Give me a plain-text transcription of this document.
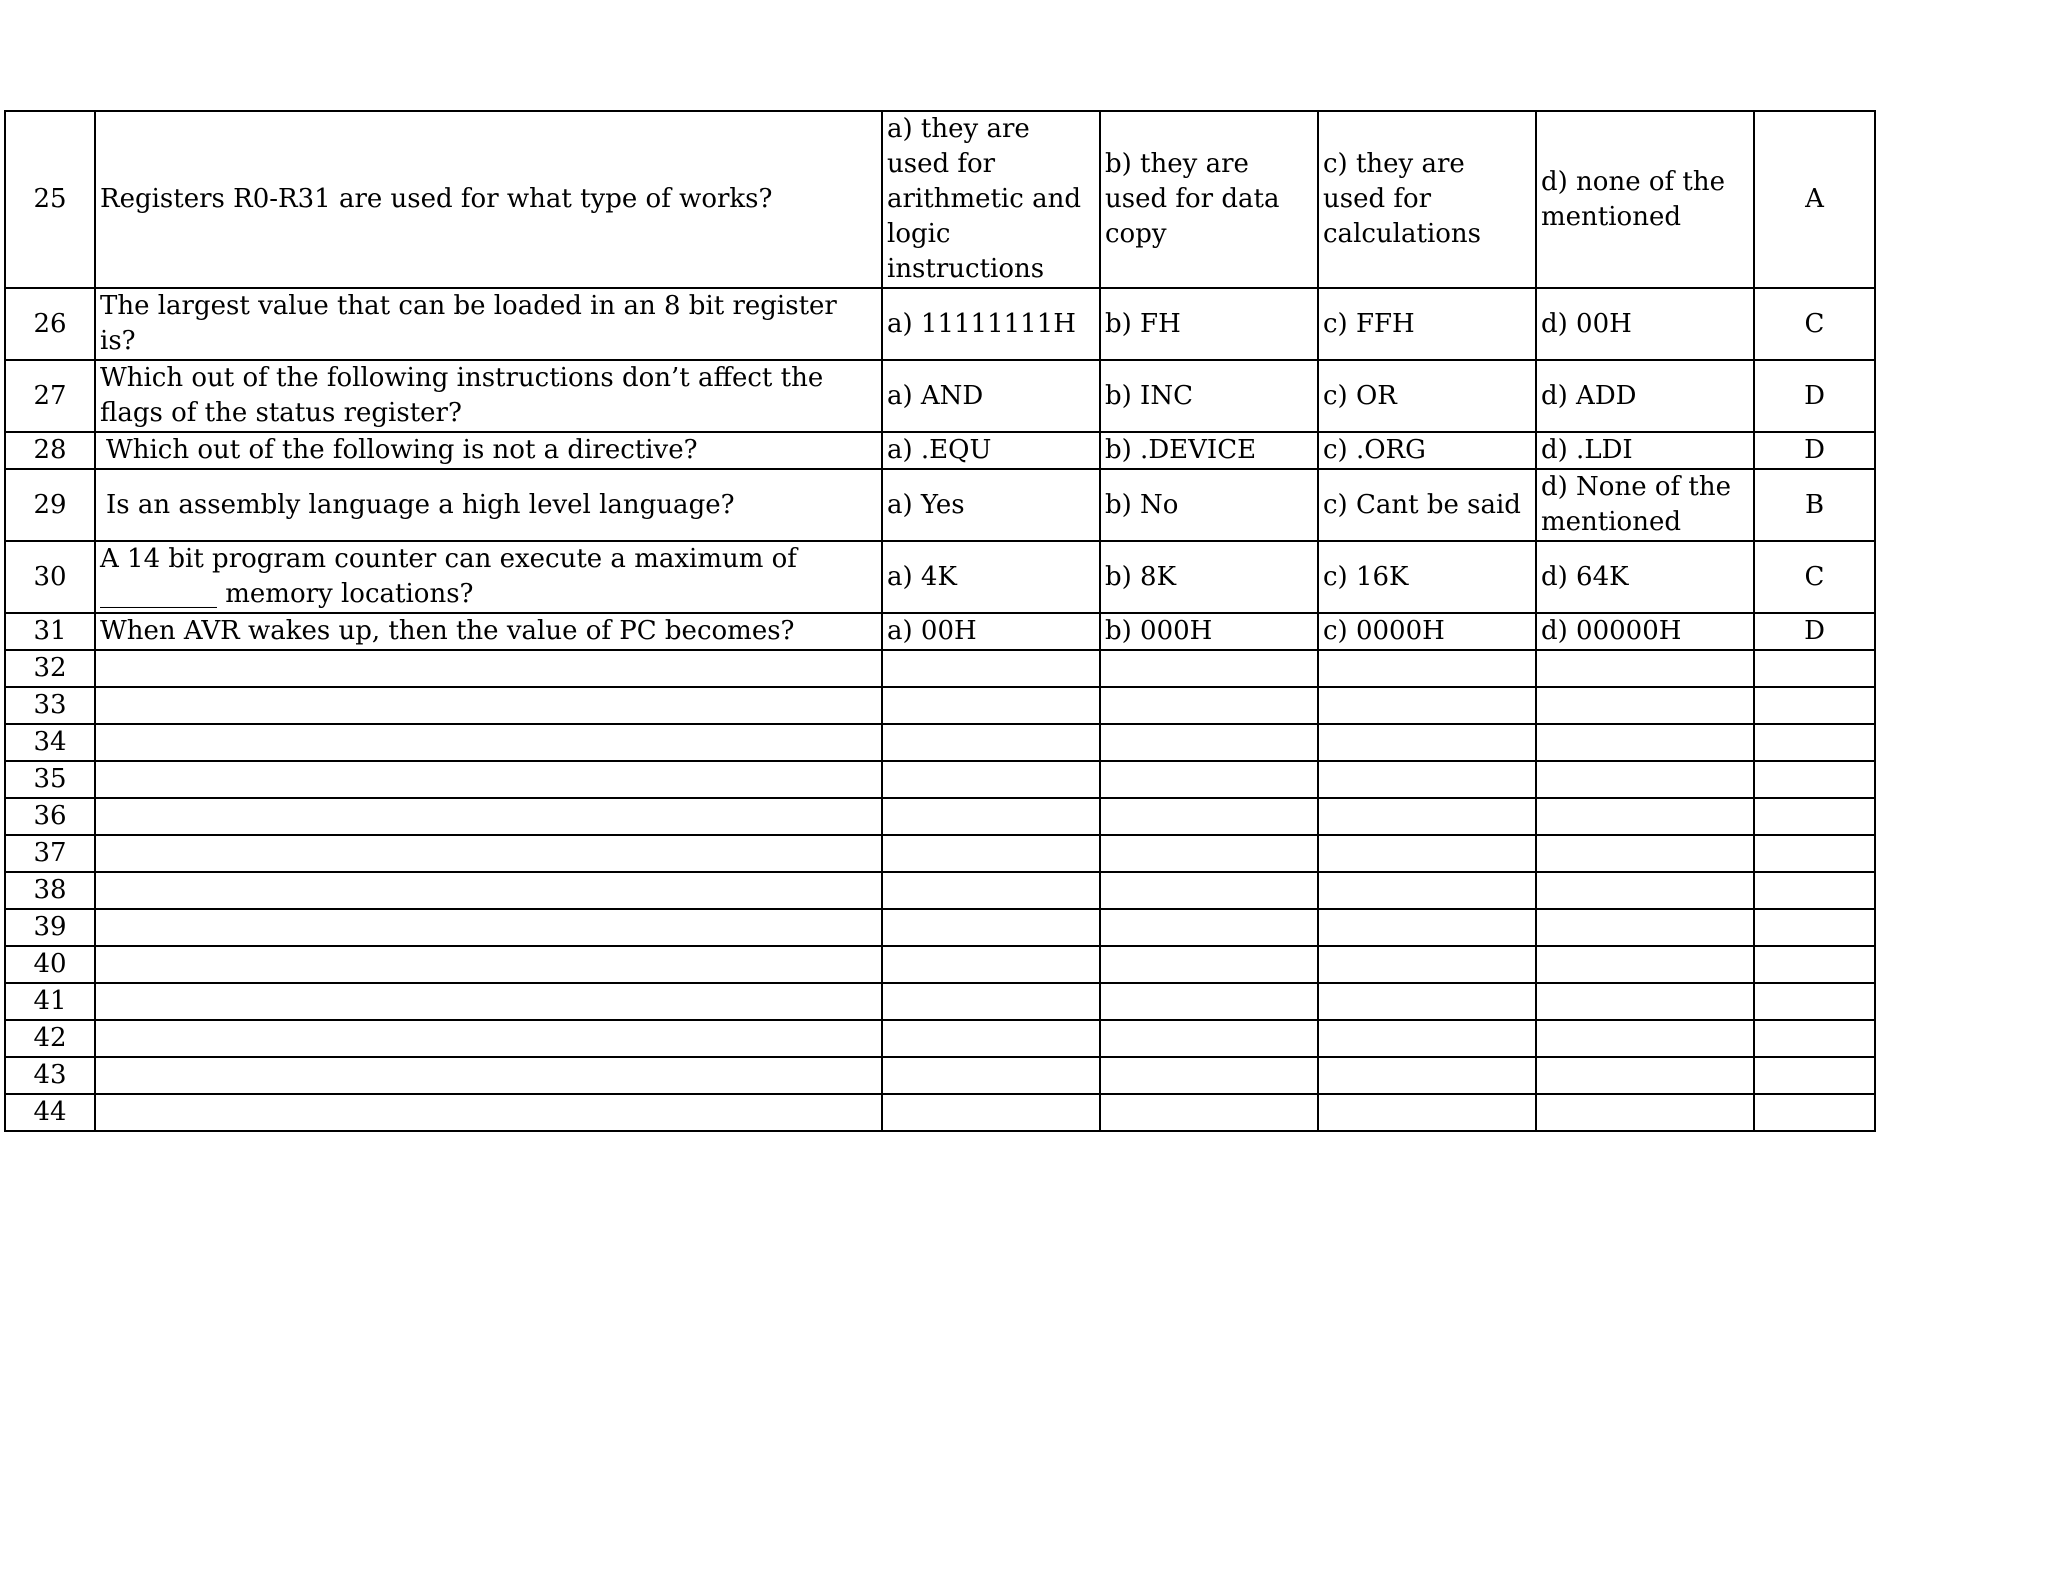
25	Registers R0-R31 are used for what type of works?	a) they are used for arithmetic and logic instructions	b) they are used for data copy	c) they are used for calculations	d) none of the mentioned	A
26	The largest value that can be loaded in an 8 bit register is?	a) 11111111H	b) FH	c) FFH	d) 00H	C
27	Which out of the following instructions don’t affect the flags of the status register?	a) AND	b) INC	c) OR	d) ADD	D
28	Which out of the following is not a directive?	a) .EQU	b) .DEVICE	c) .ORG	d) .LDI	D
29	Is an assembly language a high level language?	a) Yes	b) No	c) Cant be said	d) None of the mentioned	B
30	A 14 bit program counter can execute a maximum of _________ memory locations?	a) 4K	b) 8K	c) 16K	d) 64K	C
31	When AVR wakes up, then the value of PC becomes?	a) 00H	b) 000H	c) 0000H	d) 00000H	D
32						
33						
34						
35						
36						
37						
38						
39						
40						
41						
42						
43						
44						
